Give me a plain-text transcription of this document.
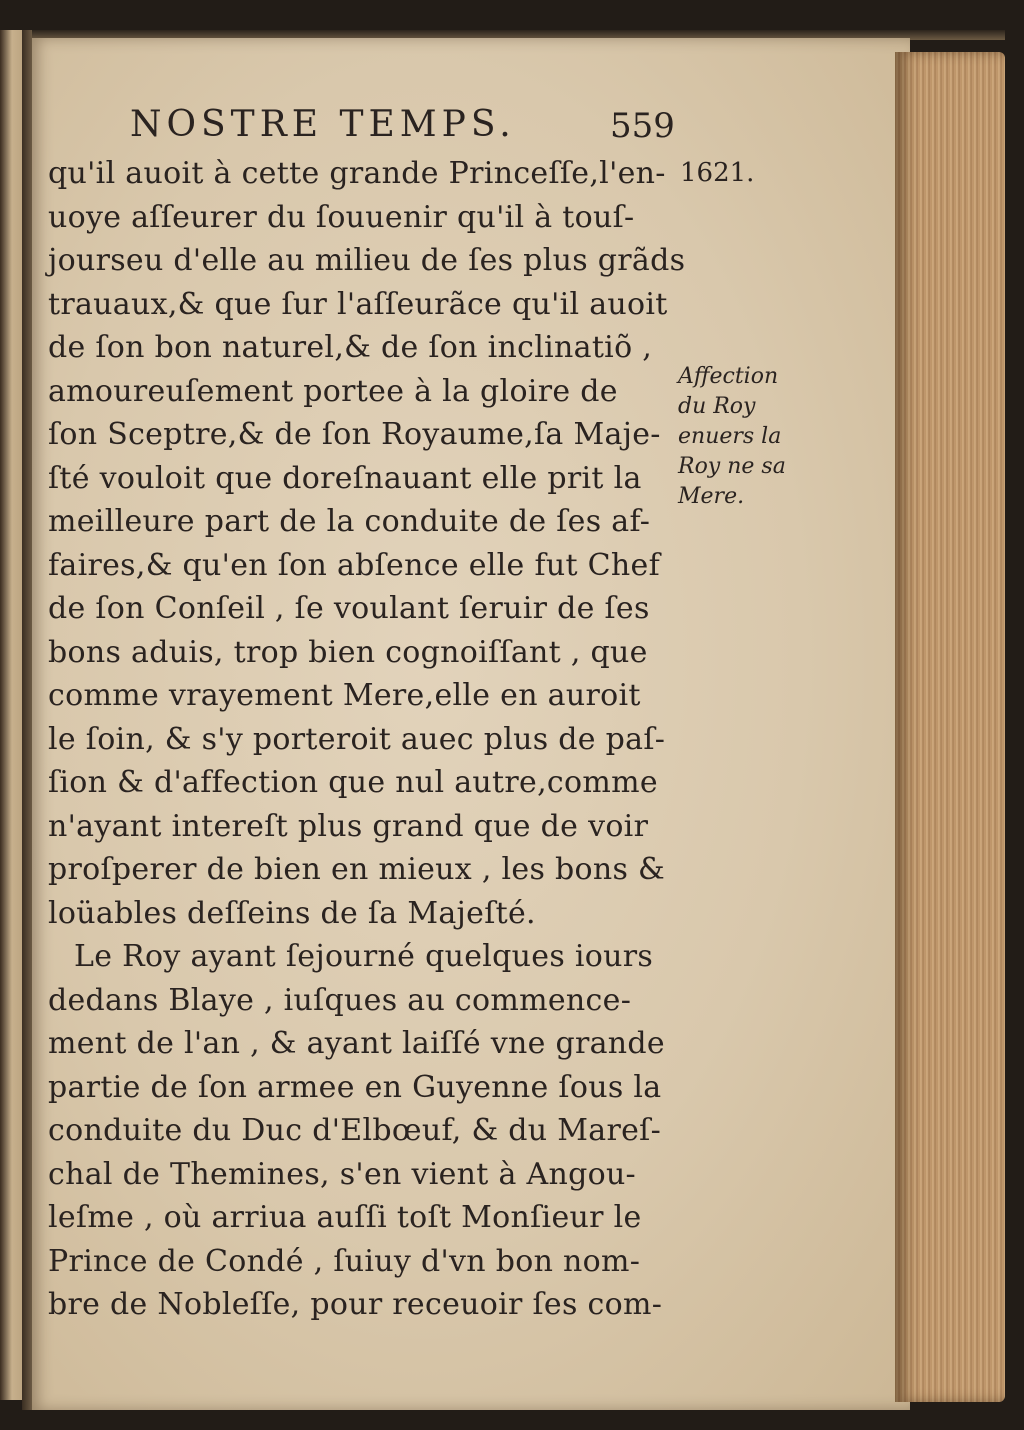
NOSTRE TEMPS.	559
qu'il auoit à cette grande Princeſſe,l'en-
uoye aſſeurer du ſouuenir qu'il à touſ-
jourseu d'elle au milieu de ſes plus grãds
trauaux,& que ſur l'aſſeurãce qu'il auoit
de ſon bon naturel,& de ſon inclinatiõ ,
amoureuſement portee à la gloire de
ſon Sceptre,& de ſon Royaume,ſa Maje-
ſté vouloit que doreſnauant elle prit la
meilleure part de la conduite de ſes af-
faires,& qu'en ſon abſence elle fut Chef
de ſon Conſeil , ſe voulant ſeruir de ſes
bons aduis, trop bien cognoiſſant , que
comme vrayement Mere,elle en auroit
le ſoin, & s'y porteroit auec plus de paſ-
ſion & d'affection que nul autre,comme
n'ayant intereſt plus grand que de voir
proſperer de bien en mieux , les bons &
loüables deſſeins de ſa Majeſté.
Le Roy ayant ſejourné quelques iours
dedans Blaye , iuſques au commence-
ment de l'an , & ayant laiſſé vne grande
partie de ſon armee en Guyenne ſous la
conduite du Duc d'Elbœuf, & du Mareſ-
chal de Themines, s'en vient à Angou-
leſme , où arriua auſſi toſt Monſieur le
Prince de Condé , ſuiuy d'vn bon nom-
bre de Nobleſſe, pour receuoir ſes com-
1621.
Affection
du Roy
enuers la
Roy ne sa
Mere.
